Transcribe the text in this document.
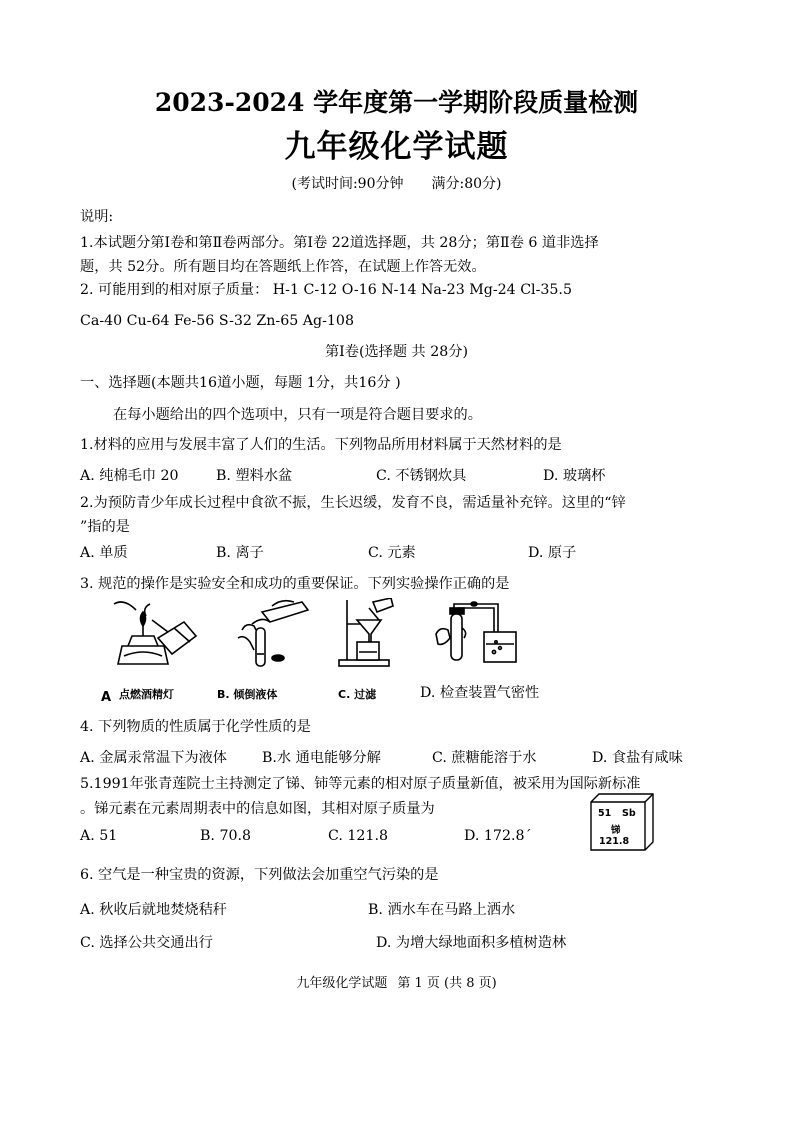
2023-2024 学年度第一学期阶段质量检测
九年级化学试题
(考试时间:90分钟 满分:80分)
说明:
1.本试题分第Ⅰ卷和第Ⅱ卷两部分。第Ⅰ卷 22道选择题，共 28分；第Ⅱ卷 6 道非选择
题，共 52分。所有题目均在答题纸上作答，在试题上作答无效。
2. 可能用到的相对原子质量： H-1 C-12 O-16 N-14 Na-23 Mg-24 Cl-35.5
Ca-40 Cu-64 Fe-56 S-32 Zn-65 Ag-108
第Ⅰ卷(选择题 共 28分)
一、选择题(本题共16道小题，每题 1分，共16分 )
在每小题给出的四个选项中，只有一项是符合题目要求的。
1.材料的应用与发展丰富了人们的生活。下列物品所用材料属于天然材料的是
A. 纯棉毛巾 20	B. 塑料水盆	C. 不锈钢炊具	D. 玻璃杯
2.为预防青少年成长过程中食欲不振，生长迟缓，发育不良，需适量补充锌。这里的“锌
”指的是
A. 单质	B. 离子	C. 元素	D. 原子
3. 规范的操作是实验安全和成功的重要保证。下列实验操作正确的是
A 点燃酒精灯	B. 倾倒液体	C. 过滤	D. 检查装置气密性
4. 下列物质的性质属于化学性质的是
A. 金属汞常温下为液体 B.水 通电能够分解	C. 蔗糖能溶于水	D. 食盐有咸味
5.1991年张青莲院士主持测定了锑、铈等元素的相对原子质量新值，被采用为国际新标准
。锑元素在元素周期表中的信息如图，其相对原子质量为
A. 51	B. 70.8	C. 121.8	D. 172.8ˊ
51 Sb
锑
121.8
6. 空气是一种宝贵的资源，下列做法会加重空气污染的是
A. 秋收后就地焚烧秸秆	B. 洒水车在马路上洒水
C. 选择公共交通出行	D. 为增大绿地面积多植树造林
九年级化学试题 第 1 页 (共 8 页)
